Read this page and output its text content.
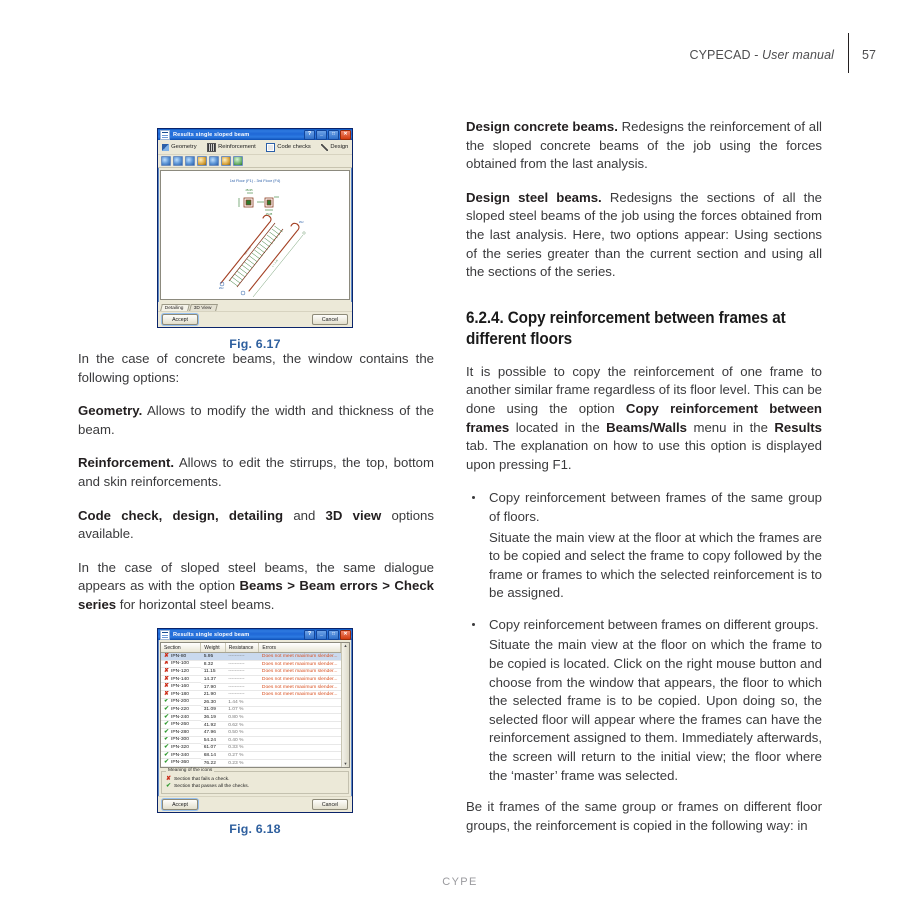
CYPECAD - User manual 57

In the case of concrete beams, the window contains the following options:

Geometry. Allows to modify the width and thickness of the beam.

Reinforcement. Allows to edit the stirrups, the top, bottom and skin reinforcements.

Code check, design, detailing and 3D view options available.

In the case of sloped steel beams, the same dialogue appears as with the option Beams > Beam errors > Check series for horizontal steel beams.

Design concrete beams. Redesigns the reinforcement of all the sloped concrete beams of the job using the forces obtained from the last analysis.

Design steel beams. Redesigns the sections of all the sloped steel beams of the job using the forces obtained from the last analysis. Here, two options appear: Using sections of the series greater than the current section and using all the sections of the series.

6.2.4. Copy reinforcement between frames at different floors

It is possible to copy the reinforcement of one frame to another similar frame regardless of its floor level. This can be done using the option Copy reinforcement between frames located in the Beams/Walls menu in the Results tab. The explanation on how to use this option is displayed upon pressing F1.

Copy reinforcement between frames of the same group of floors.
Situate the main view at the floor at which the frames are to be copied and select the frame to copy followed by the frame or frames to which the selected reinforcement is to be assigned.
Copy reinforcement between frames on different groups.
Situate the main view at the floor on which the frame to be copied is located. Click on the right mouse button and choose from the window that appears, the floor to which the selected frame is to be copied. Upon doing so, the selected floor will appear where the frames can have the reinforcement assigned to them. Immediately afterwards, the screen will return to the initial view; the floor where the ‘master’ frame was selected.

Be it frames of the same group or frames on different floor groups, the reinforcement is copied in the following way: in

Results single sloped beam	?	_	□	✕
Geometry	Reinforcement	Code checks	Design
1st Floor (F1) - 3rd Floor (F4)
25x35
25x35
Ø12
Ø12
eØ6 c/15
L = 3.45
Detailing	3D View
Accept	Cancel
Fig. 6.17
Results single sloped beam	?	_	□	✕
Section	Weight	Resistance	Errors

✘ IPN-80	5.95	----------	Does not meet maximum slender...

✘ IPN-100	8.32	----------	Does not meet maximum slender...

✘ IPN-120	11.15	----------	Does not meet maximum slender...

✘ IPN-140	14.37	----------	Does not meet maximum slender...

✘ IPN-160	17.90	----------	Does not meet maximum slender...

✘ IPN-180	21.90	----------	Does not meet maximum slender...

✔ IPN-200	26.30	1.44 %	

✔ IPN-220	31.09	1.07 %	

✔ IPN-240	36.19	0.80 %	

✔ IPN-260	41.92	0.62 %	

✔ IPN-280	47.96	0.50 %	

✔ IPN-300	54.24	0.40 %	

✔ IPN-320	61.07	0.33 %	

✔ IPN-340	68.14	0.27 %	

✔ IPN-360	76.22	0.23 %	
▲
▼
Meaning of the icons
✘ Section that fails a check.
✔ Section that passes all the checks.
Accept	Cancel
Fig. 6.18
CYPE
